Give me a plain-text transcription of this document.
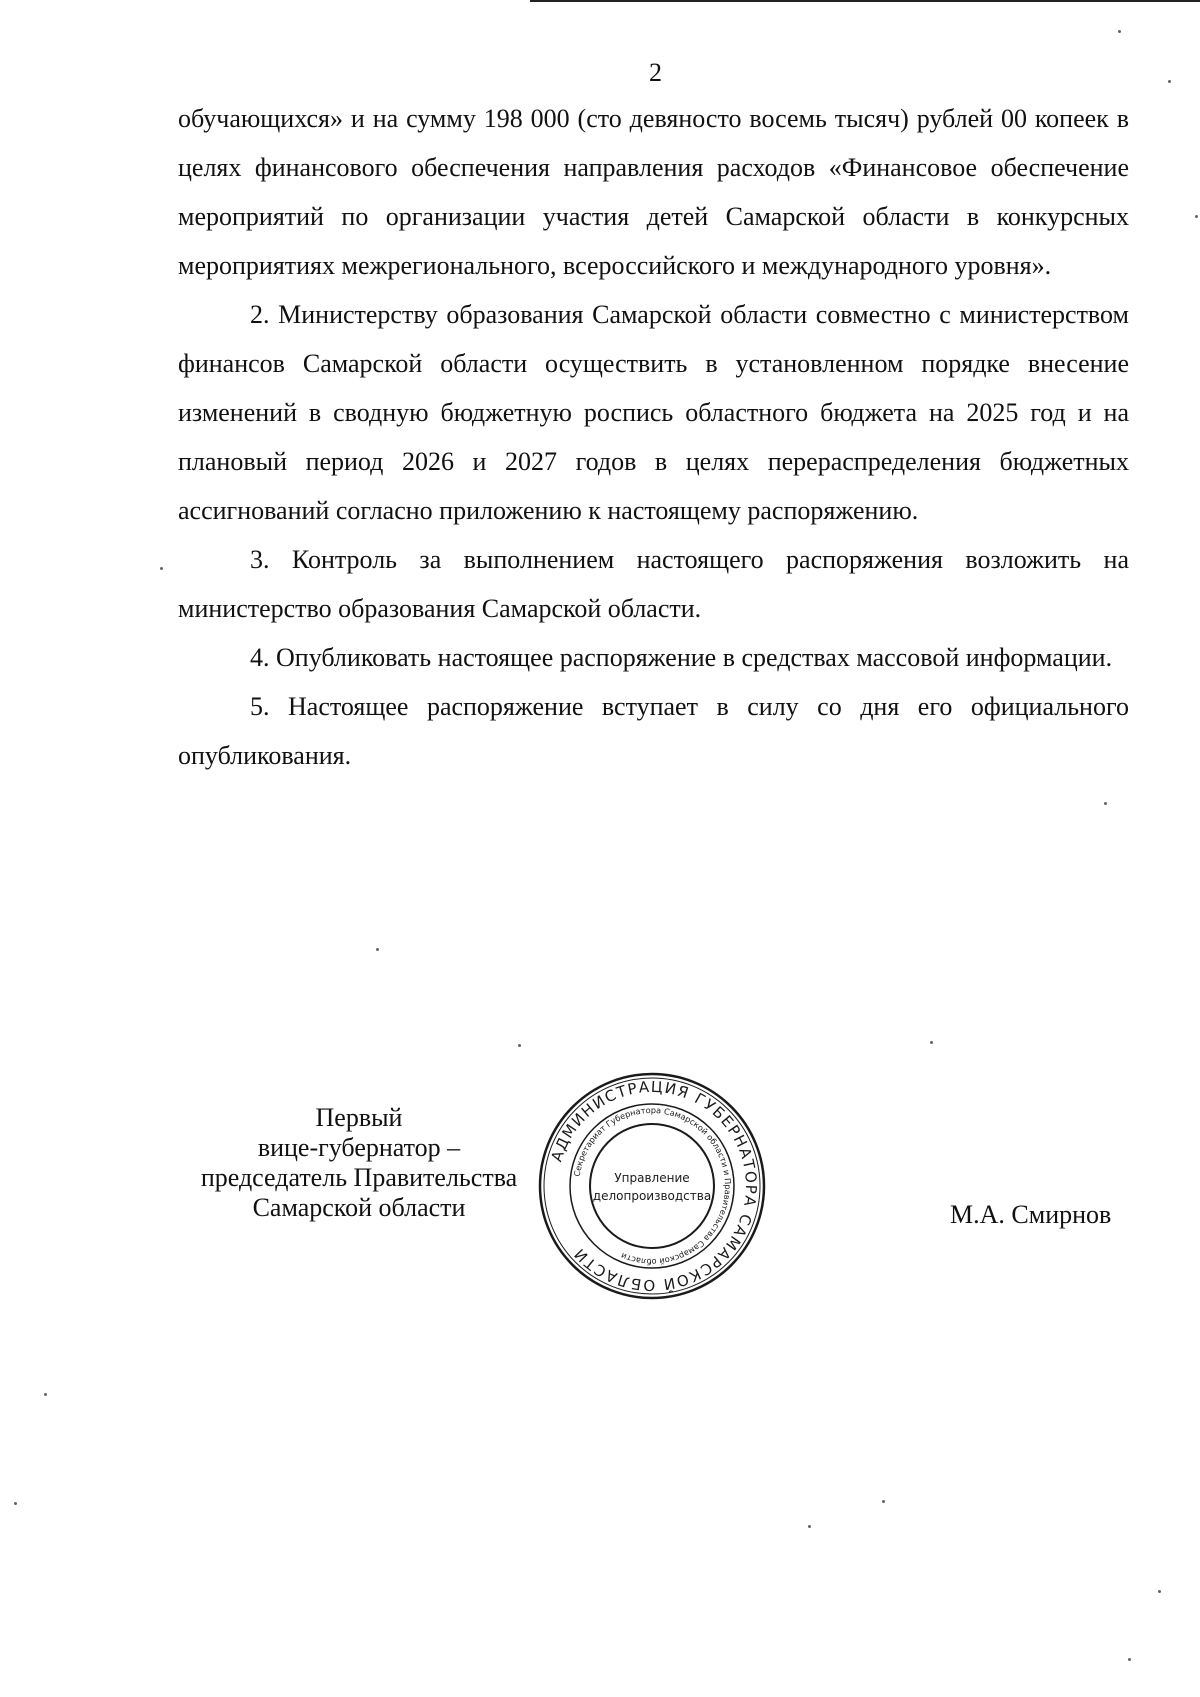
2

обучающихся» и на сумму 198 000 (сто девяносто восемь тысяч) рублей 00 копеек в целях финансового обеспечения направления расходов «Финансовое обеспечение мероприятий по организации участия детей Самарской области в конкурсных мероприятиях межрегионального, всероссийского и международного уровня».

2. Министерству образования Самарской области совместно с министерством финансов Самарской области осуществить в установленном порядке внесение изменений в сводную бюджетную роспись областного бюджета на 2025 год и на плановый период 2026 и 2027 годов в целях перераспределения бюджетных ассигнований согласно приложению к настоящему распоряжению.

3. Контроль за выполнением настоящего распоряжения возложить на министерство образования Самарской области.

4. Опубликовать настоящее распоряжение в средствах массовой информации.

5. Настоящее распоряжение вступает в силу со дня его официального опубликования.

Первый
вице-губернатор –
председатель Правительства
Самарской области
АДМИНИСТРАЦИЯ ГУБЕРНАТОРА САМАРСКОЙ ОБЛАСТИ
Секретариат Губернатора Самарской области и Правительства Самарской области
Управление
делопроизводства
М.А. Смирнов
